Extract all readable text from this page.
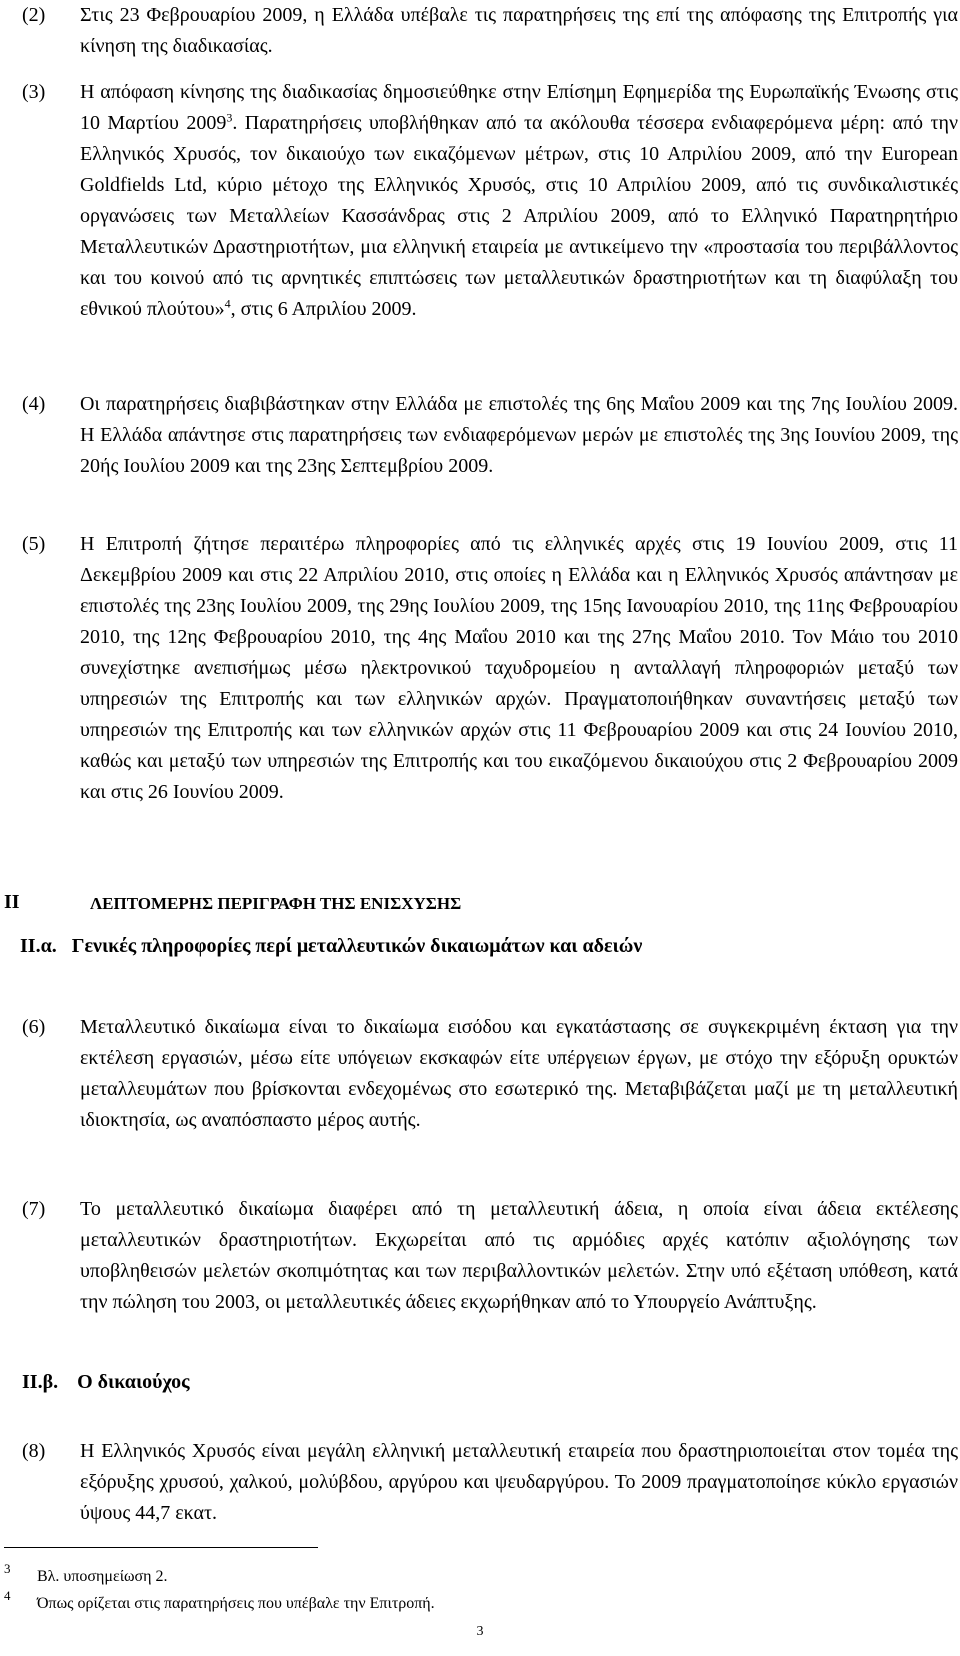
(2) Στις 23 Φεβρουαρίου 2009, η Ελλάδα υπέβαλε τις παρατηρήσεις της επί της απόφασης της Επιτροπής για κίνηση της διαδικασίας.
(3) Η απόφαση κίνησης της διαδικασίας δημοσιεύθηκε στην Επίσημη Εφημερίδα της Ευρωπαϊκής Ένωσης στις 10 Μαρτίου 2009$^3$. Παρατηρήσεις υποβλήθηκαν από τα ακόλουθα τέσσερα ενδιαφερόμενα μέρη: από την Ελληνικός Χρυσός, τον δικαιούχο των εικαζόμενων μέτρων, στις 10 Απριλίου 2009, από την European Goldfields Ltd, κύριο μέτοχο της Ελληνικός Χρυσός, στις 10 Απριλίου 2009, από τις συνδικαλιστικές οργανώσεις των Μεταλλείων Κασσάνδρας στις 2 Απριλίου 2009, από το Ελληνικό Παρατηρητήριο Μεταλλευτικών Δραστηριοτήτων, μια ελληνική εταιρεία με αντικείμενο την «προστασία του περιβάλλοντος και του κοινού από τις αρνητικές επιπτώσεις των μεταλλευτικών δραστηριοτήτων και τη διαφύλαξη του εθνικού πλούτου»$^4$, στις 6 Απριλίου 2009.
(4) Οι παρατηρήσεις διαβιβάστηκαν στην Ελλάδα με επιστολές της 6ης Μαΐου 2009 και της 7ης Ιουλίου 2009. Η Ελλάδα απάντησε στις παρατηρήσεις των ενδιαφερόμενων μερών με επιστολές της 3ης Ιουνίου 2009, της 20ής Ιουλίου 2009 και της 23ης Σεπτεμβρίου 2009.
(5) Η Επιτροπή ζήτησε περαιτέρω πληροφορίες από τις ελληνικές αρχές στις 19 Ιουνίου 2009, στις 11 Δεκεμβρίου 2009 και στις 22 Απριλίου 2010, στις οποίες η Ελλάδα και η Ελληνικός Χρυσός απάντησαν με επιστολές της 23ης Ιουλίου 2009, της 29ης Ιουλίου 2009, της 15ης Ιανουαρίου 2010, της 11ης Φεβρουαρίου 2010, της 12ης Φεβρουαρίου 2010, της 4ης Μαΐου 2010 και της 27ης Μαΐου 2010. Τον Μάιο του 2010 συνεχίστηκε ανεπισήμως μέσω ηλεκτρονικού ταχυδρομείου η ανταλλαγή πληροφοριών μεταξύ των υπηρεσιών της Επιτροπής και των ελληνικών αρχών. Πραγματοποιήθηκαν συναντήσεις μεταξύ των υπηρεσιών της Επιτροπής και των ελληνικών αρχών στις 11 Φεβρουαρίου 2009 και στις 24 Ιουνίου 2010, καθώς και μεταξύ των υπηρεσιών της Επιτροπής και του εικαζόμενου δικαιούχου στις 2 Φεβρουαρίου 2009 και στις 26 Ιουνίου 2009.
II	ΛΕΠΤΟΜΕΡΗΣ ΠΕΡΙΓΡΑΦΗ ΤΗΣ ΕΝΙΣΧΥΣΗΣ
II.α. Γενικές πληροφορίες περί μεταλλευτικών δικαιωμάτων και αδειών
(6) Μεταλλευτικό δικαίωμα είναι το δικαίωμα εισόδου και εγκατάστασης σε συγκεκριμένη έκταση για την εκτέλεση εργασιών, μέσω είτε υπόγειων εκσκαφών είτε υπέργειων έργων, με στόχο την εξόρυξη ορυκτών μεταλλευμάτων που βρίσκονται ενδεχομένως στο εσωτερικό της. Μεταβιβάζεται μαζί με τη μεταλλευτική ιδιοκτησία, ως αναπόσπαστο μέρος αυτής.
(7) Το μεταλλευτικό δικαίωμα διαφέρει από τη μεταλλευτική άδεια, η οποία είναι άδεια εκτέλεσης μεταλλευτικών δραστηριοτήτων. Εκχωρείται από τις αρμόδιες αρχές κατόπιν αξιολόγησης των υποβληθεισών μελετών σκοπιμότητας και των περιβαλλοντικών μελετών. Στην υπό εξέταση υπόθεση, κατά την πώληση του 2003, οι μεταλλευτικές άδειες εκχωρήθηκαν από το Υπουργείο Ανάπτυξης.
II.β. Ο δικαιούχος
(8) Η Ελληνικός Χρυσός είναι μεγάλη ελληνική μεταλλευτική εταιρεία που δραστηριοποιείται στον τομέα της εξόρυξης χρυσού, χαλκού, μολύβδου, αργύρου και ψευδαργύρου. Το 2009 πραγματοποίησε κύκλο εργασιών ύψους 44,7 εκατ.
3 Βλ. υποσημείωση 2.
4 Όπως ορίζεται στις παρατηρήσεις που υπέβαλε την Επιτροπή.
3
